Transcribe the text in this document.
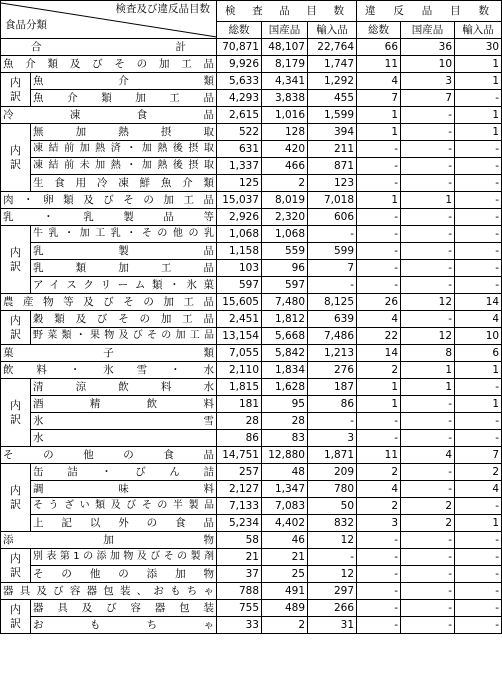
検査及び違反品目数
食品分類		検 査 品 目 数			違 反 品 目 数		
		総数	国産品	輸入品	総数	国産品	輸入品
合 計		70,871	48,107	22,764	66	36	30
魚介類及びその加工品		9,926	8,179	1,747	11	10	1
内訳	魚介類	5,633	4,341	1,292	4	3	1
	魚介類加工品	4,293	3,838	455	7	7	-
冷凍食品		2,615	1,016	1,599	1	-	1
内訳	無加熱摂取	522	128	394	1	-	1
	凍結前加熱済・加熱後摂取	631	420	211	-	-	-
	凍結前未加熱・加熱後摂取	1,337	466	871	-	-	-
	生食用冷凍鮮魚介類	125	2	123	-	-	-
肉・卵類及びその加工品		15,037	8,019	7,018	1	1	-
乳・乳製品等		2,926	2,320	606	-	-	-
内訳	牛乳・加工乳・その他の乳	1,068	1,068	-	-	-	-
	乳製品	1,158	559	599	-	-	-
	乳類加工品	103	96	7	-	-	-
	アイスクリーム類・氷菓	597	597	-	-	-	-
農産物等及びその加工品		15,605	7,480	8,125	26	12	14
内訳	穀類及びその加工品	2,451	1,812	639	4	-	4
	野菜類・果物及びその加工品	13,154	5,668	7,486	22	12	10
菓子類		7,055	5,842	1,213	14	8	6
飲料・氷雪・水		2,110	1,834	276	2	1	1
内訳	清涼飲料水	1,815	1,628	187	1	1	-
	酒精飲料	181	95	86	1	-	1
	氷雪	28	28	-	-	-	-
	水	86	83	3	-	-	-
その他の食品		14,751	12,880	1,871	11	4	7
内訳	缶詰・びん詰	257	48	209	2	-	2
	調味料	2,127	1,347	780	4	-	4
	そうざい類及びその半製品	7,133	7,083	50	2	2	-
	上記以外の食品	5,234	4,402	832	3	2	1
添加物		58	46	12	-	-	-
内訳	別表第1の添加物及びその製剤	21	21	-	-	-	-
	その他の添加物	37	25	12	-	-	-
器具及び容器包装、おもちゃ		788	491	297	-	-	-
内訳	器具及び容器包装	755	489	266	-	-	-
	おもちゃ	33	2	31	-	-	-
